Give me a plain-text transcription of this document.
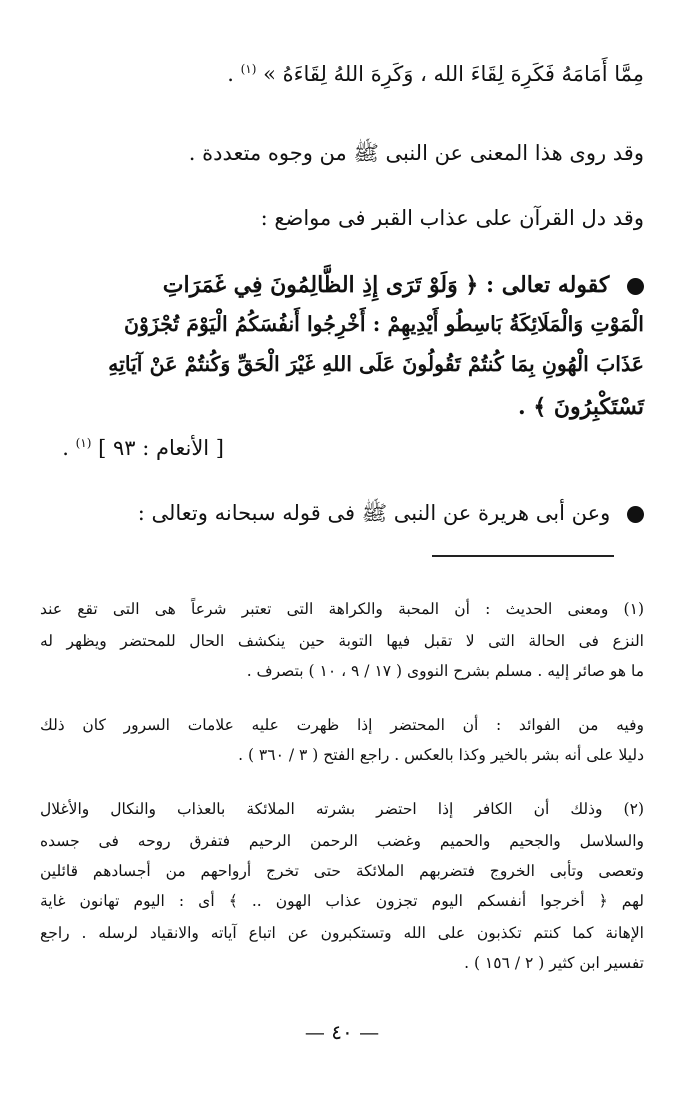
مِمَّا أَمَامَهُ فَكَرِهَ لِقَاءَ الله ، وَكَرِهَ اللهُ لِقَاءَهُ » $^{(١)}$ .
وقد روى هذا المعنى عن النبى ﷺ من وجوه متعددة .
وقد دل القرآن على عذاب القبر فى مواضع :
كقوله تعالى : ﴿ وَلَوْ تَرَى إِذِ الظَّالِمُونَ فِي غَمَرَاتِ
الْمَوْتِ وَالْمَلَائِكَةُ بَاسِطُو أَيْدِيهِمْ : أَخْرِجُوا أَنفُسَكُمُ الْيَوْمَ تُجْزَوْنَ
عَذَابَ الْهُونِ بِمَا كُنتُمْ تَقُولُونَ عَلَى اللهِ غَيْرَ الْحَقِّ وَكُنتُمْ عَنْ آيَاتِهِ
تَسْتَكْبِرُونَ ﴾ .
[ الأنعام : ٩٣ ] $^{(١)}$ .
وعن أبى هريرة عن النبى ﷺ فى قوله سبحانه وتعالى :
(١) ومعنى الحديث : أن المحبة والكراهة التى تعتبر شرعاً هى التى تقع عند
النزع فى الحالة التى لا تقبل فيها التوبة حين ينكشف الحال للمحتضر ويظهر له
ما هو صائر إليه . مسلم بشرح النووى ( ١٧ / ٩ ، ١٠ ) بتصرف .
وفيه من الفوائد : أن المحتضر إذا ظهرت عليه علامات السرور كان ذلك
دليلا على أنه بشر بالخير وكذا بالعكس . راجع الفتح ( ٣ / ٣٦٠ ) .
(٢) وذلك أن الكافر إذا احتضر بشرته الملائكة بالعذاب والنكال والأغلال
والسلاسل والجحيم والحميم وغضب الرحمن الرحيم فتفرق روحه فى جسده
وتعصى وتأبى الخروج فتضربهم الملائكة حتى تخرج أرواحهم من أجسادهم قائلين
لهم ﴿ أخرجوا أنفسكم اليوم تجزون عذاب الهون .. ﴾ أى : اليوم تهانون غاية
الإهانة كما كنتم تكذبون على الله وتستكبرون عن اتباع آياته والانقياد لرسله . راجع
تفسير ابن كثير ( ٢ / ١٥٦ ) .
— ٤٠ —
